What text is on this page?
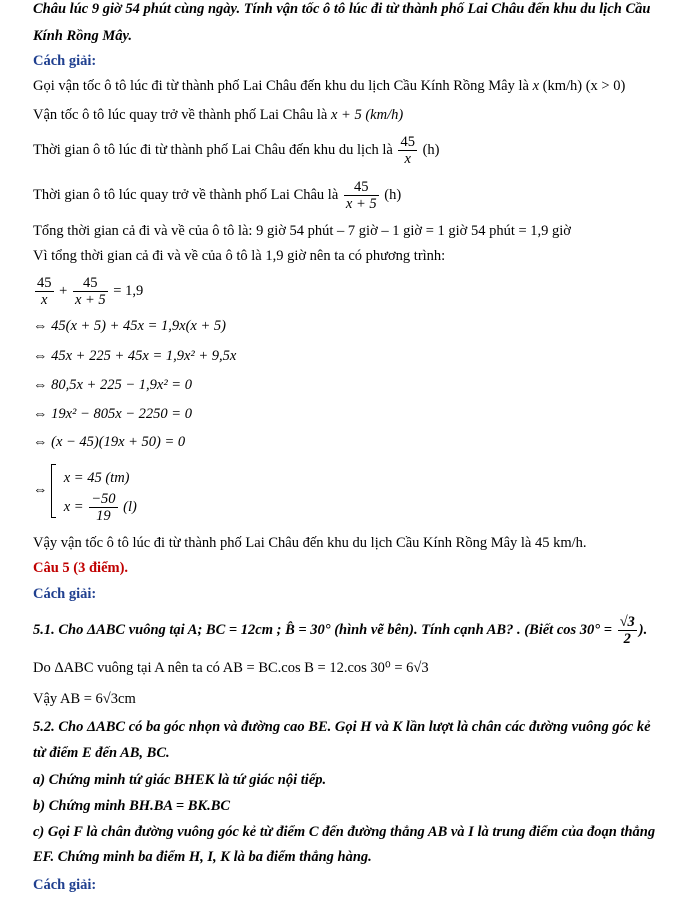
Châu lúc 9 giờ 54 phút cùng ngày. Tính vận tốc ô tô lúc đi từ thành phố Lai Châu đến khu du lịch Cầu
Kính Rồng Mây.
Cách giải:
Gọi vận tốc ô tô lúc đi từ thành phố Lai Châu đến khu du lịch Cầu Kính Rồng Mây là x (km/h) (x > 0)
Vận tốc ô tô lúc quay trở về thành phố Lai Châu là x + 5 (km/h)
Thời gian ô tô lúc đi từ thành phố Lai Châu đến khu du lịch là $\frac{45}{x} (h)$
Thời gian ô tô lúc quay trở về thành phố Lai Châu là $\frac{45}{x + 5} (h)$
Tổng thời gian cả đi và về của ô tô là: 9 giờ 54 phút – 7 giờ – 1 giờ = 1 giờ 54 phút = 1,9 giờ
Vì tổng thời gian cả đi và về của ô tô là 1,9 giờ nên ta có phương trình:
$\frac{45}{x} + \frac{45}{x + 5} = 1,9$
⇔ 45(x + 5) + 45x = 1,9x(x + 5)
⇔ 45x + 225 + 45x = 1,9x² + 9,5x
⇔ 80,5x + 225 − 1,9x² = 0
⇔ 19x² − 805x − 2250 = 0
⇔ (x − 45)(19x + 50) = 0
⇔
x = 45 (tm)
$x = \frac{-50}{19} (l)$
Vậy vận tốc ô tô lúc đi từ thành phố Lai Châu đến khu du lịch Cầu Kính Rồng Mây là 45 km/h.
Câu 5 (3 điểm).
Cách giải:
5.1. Cho ΔABC vuông tại A; BC = 12cm ; B̂ = 30° (hình vẽ bên). Tính cạnh AB? . (Biết $\cos 30^\circ = \frac{√3}{2}$ ).
Do ΔABC vuông tại A nên ta có AB = BC.cos B = 12.cos 30⁰ = 6√3
Vậy AB = 6√3cm
5.2. Cho ΔABC có ba góc nhọn và đường cao BE. Gọi H và K lần lượt là chân các đường vuông góc kẻ
từ điểm E đến AB, BC.
a) Chứng minh tứ giác BHEK là tứ giác nội tiếp.
b) Chứng minh BH.BA = BK.BC
c) Gọi F là chân đường vuông góc kẻ từ điểm C đến đường thẳng AB và I là trung điểm của đoạn thẳng
EF. Chứng minh ba điểm H, I, K là ba điểm thẳng hàng.
Cách giải:
